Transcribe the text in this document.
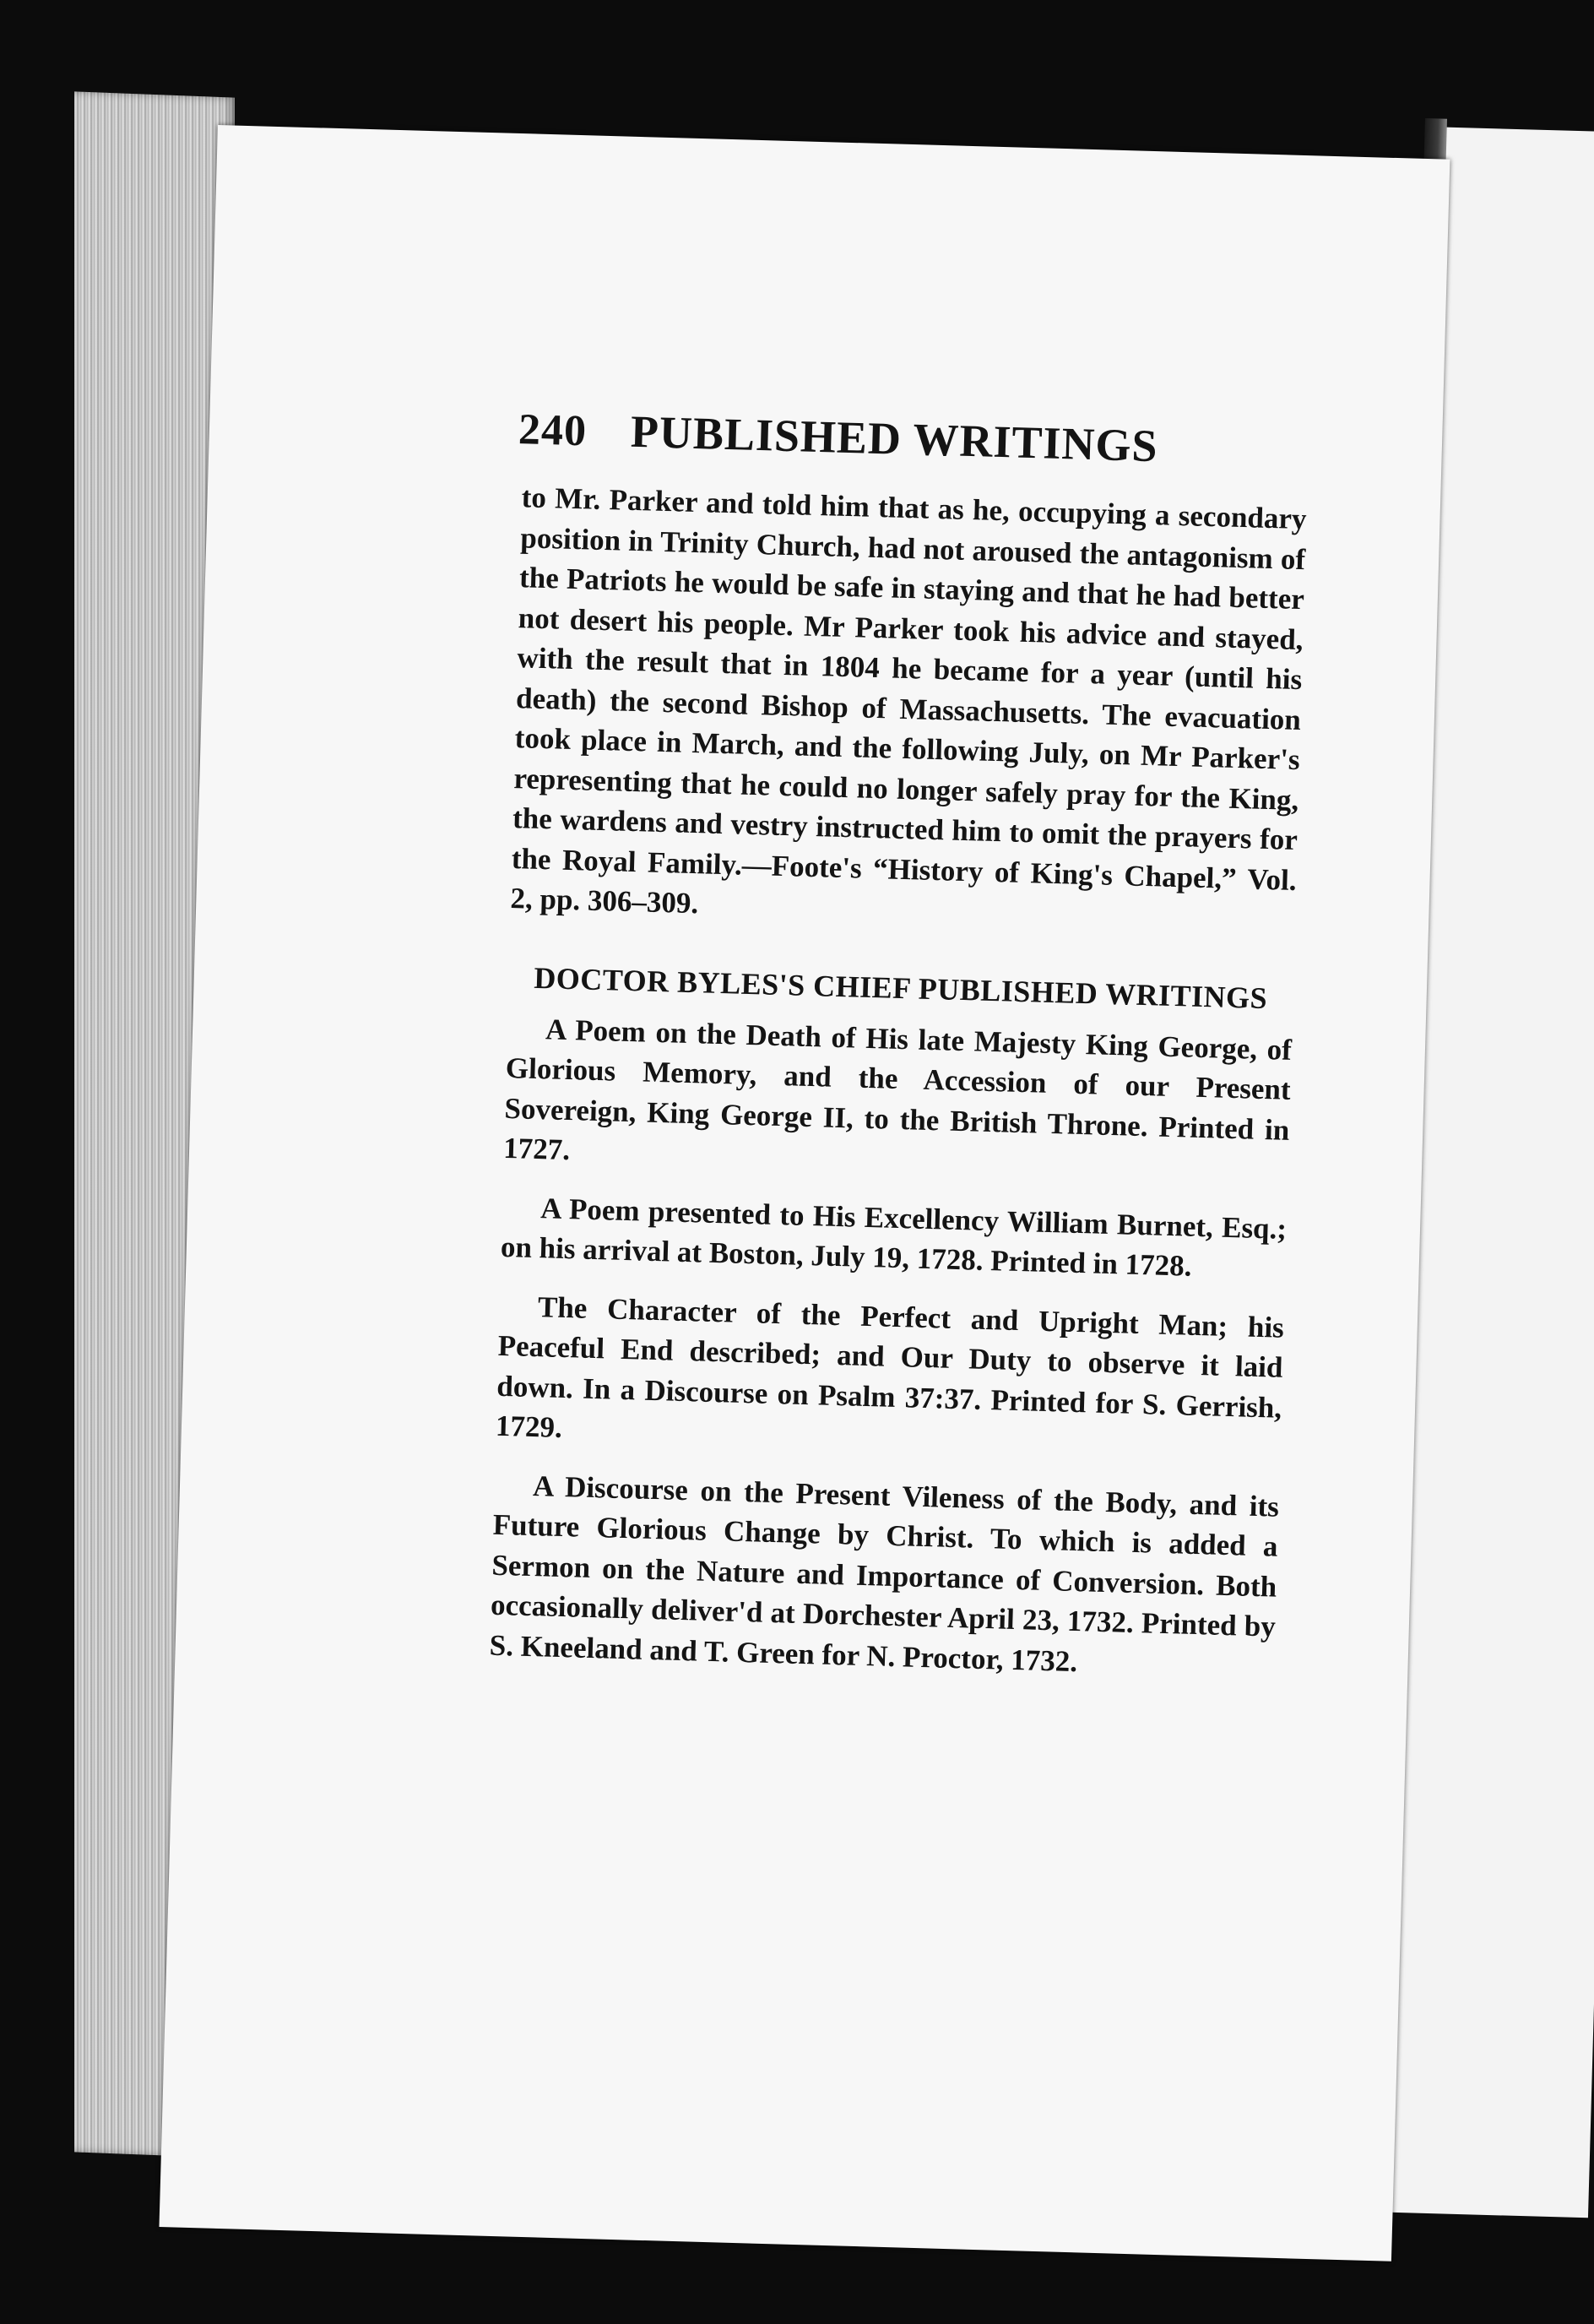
240 PUBLISHED WRITINGS

to Mr. Parker and told him that as he, occupying a secondary position in Trinity Church, had not aroused the antagonism of the Patriots he would be safe in staying and that he had better not desert his people. Mr Parker took his advice and stayed, with the result that in 1804 he became for a year (until his death) the second Bishop of Massachusetts. The evacuation took place in March, and the following July, on Mr Parker's representing that he could no longer safely pray for the King, the wardens and vestry instructed him to omit the prayers for the Royal Family.—Foote's “History of King's Chapel,” Vol. 2, pp. 306–309.

DOCTOR BYLES'S CHIEF PUBLISHED WRITINGS

A Poem on the Death of His late Majesty King George, of Glorious Memory, and the Accession of our Present Sovereign, King George II, to the British Throne. Printed in 1727.

A Poem presented to His Excellency William Burnet, Esq.; on his arrival at Boston, July 19, 1728. Printed in 1728.

The Character of the Perfect and Upright Man; his Peaceful End described; and Our Duty to observe it laid down. In a Discourse on Psalm 37:37. Printed for S. Gerrish, 1729.

A Discourse on the Present Vileness of the Body, and its Future Glorious Change by Christ. To which is added a Sermon on the Nature and Importance of Conversion. Both occasionally deliver'd at Dorchester April 23, 1732. Printed by S. Kneeland and T. Green for N. Proctor, 1732.
